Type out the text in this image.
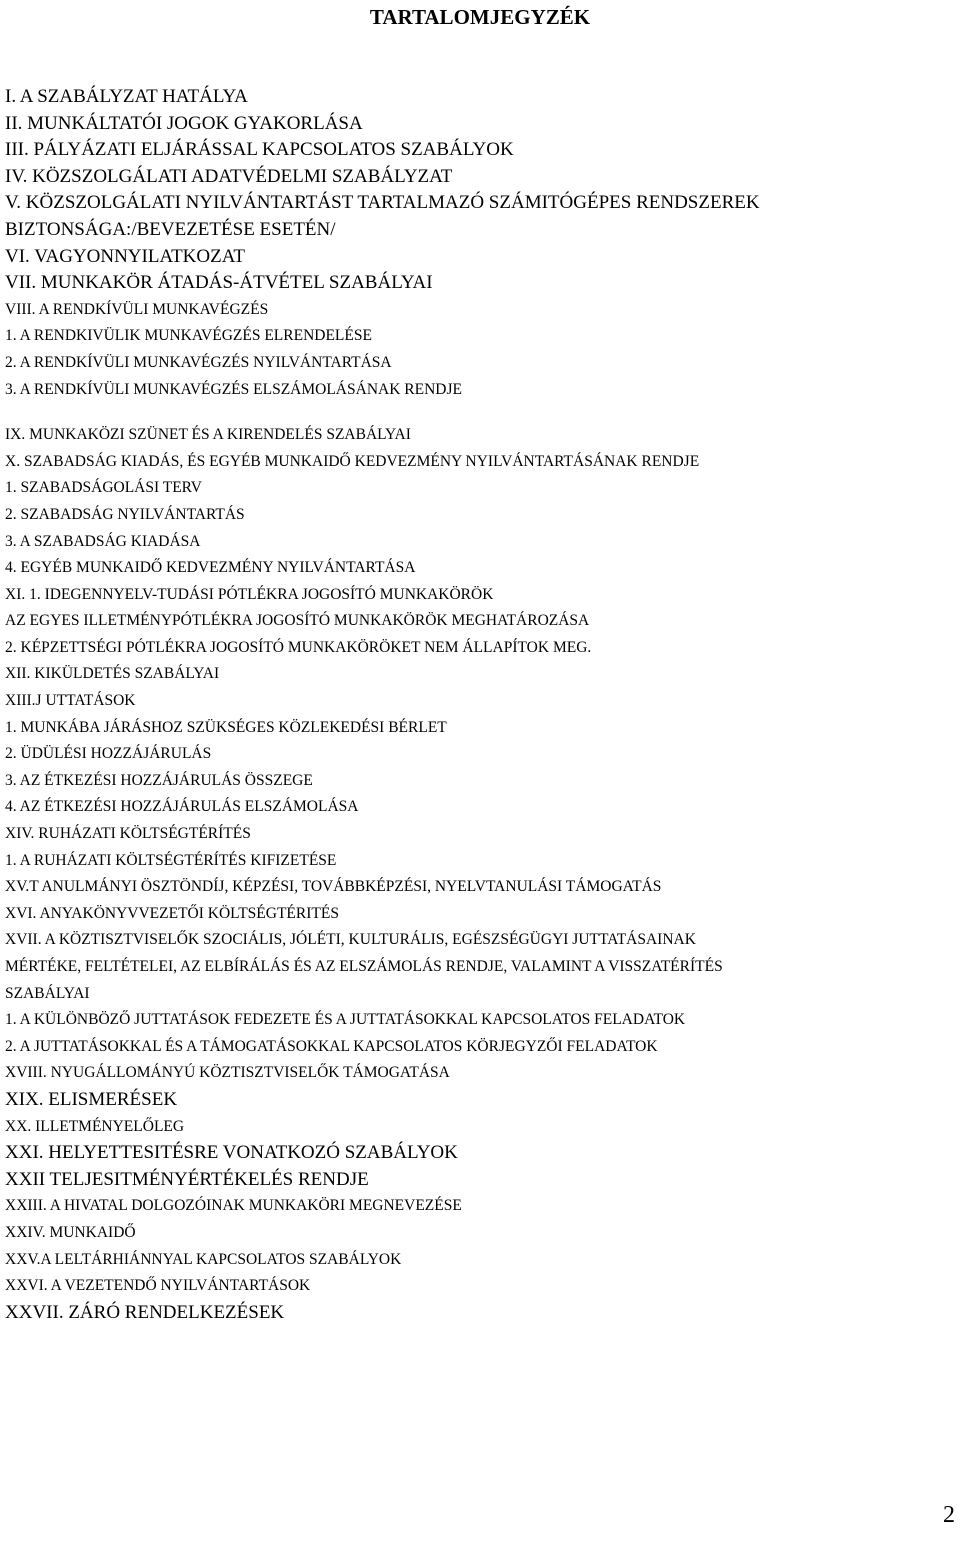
TARTALOMJEGYZÉK
I. A SZABÁLYZAT HATÁLYA
II. MUNKÁLTATÓI JOGOK GYAKORLÁSA
III. PÁLYÁZATI ELJÁRÁSSAL KAPCSOLATOS SZABÁLYOK
IV. KÖZSZOLGÁLATI ADATVÉDELMI SZABÁLYZAT
V. KÖZSZOLGÁLATI NYILVÁNTARTÁST TARTALMAZÓ SZÁMITÓGÉPES RENDSZEREK
BIZTONSÁGA:/BEVEZETÉSE ESETÉN/
VI. VAGYONNYILATKOZAT
VII. MUNKAKÖR ÁTADÁS-ÁTVÉTEL SZABÁLYAI
VIII. A RENDKÍVÜLI MUNKAVÉGZÉS
1. A RENDKIVÜLIK MUNKAVÉGZÉS ELRENDELÉSE
2. A RENDKÍVÜLI MUNKAVÉGZÉS NYILVÁNTARTÁSA
3. A RENDKÍVÜLI MUNKAVÉGZÉS ELSZÁMOLÁSÁNAK RENDJE
IX. MUNKAKÖZI SZÜNET ÉS A KIRENDELÉS SZABÁLYAI
X. SZABADSÁG KIADÁS, ÉS EGYÉB MUNKAIDŐ KEDVEZMÉNY NYILVÁNTARTÁSÁNAK RENDJE
1. SZABADSÁGOLÁSI TERV
2. SZABADSÁG NYILVÁNTARTÁS
3. A SZABADSÁG KIADÁSA
4. EGYÉB MUNKAIDŐ KEDVEZMÉNY NYILVÁNTARTÁSA
XI. 1. IDEGENNYELV-TUDÁSI PÓTLÉKRA JOGOSÍTÓ MUNKAKÖRÖK
AZ EGYES ILLETMÉNYPÓTLÉKRA JOGOSÍTÓ MUNKAKÖRÖK MEGHATÁROZÁSA
2. KÉPZETTSÉGI PÓTLÉKRA JOGOSÍTÓ MUNKAKÖRÖKET NEM ÁLLAPÍTOK MEG.
XII. KIKÜLDETÉS SZABÁLYAI
XIII.J UTTATÁSOK
1. MUNKÁBA JÁRÁSHOZ SZÜKSÉGES KÖZLEKEDÉSI BÉRLET
2. ÜDÜLÉSI HOZZÁJÁRULÁS
3. AZ ÉTKEZÉSI HOZZÁJÁRULÁS ÖSSZEGE
4. AZ ÉTKEZÉSI HOZZÁJÁRULÁS ELSZÁMOLÁSA
XIV. RUHÁZATI KÖLTSÉGTÉRÍTÉS
1. A RUHÁZATI KÖLTSÉGTÉRÍTÉS KIFIZETÉSE
XV.T ANULMÁNYI ÖSZTÖNDÍJ, KÉPZÉSI, TOVÁBBKÉPZÉSI, NYELVTANULÁSI TÁMOGATÁS
XVI. ANYAKÖNYVVEZETŐI KÖLTSÉGTÉRITÉS
XVII. A KÖZTISZTVISELŐK SZOCIÁLIS, JÓLÉTI, KULTURÁLIS, EGÉSZSÉGÜGYI JUTTATÁSAINAK
MÉRTÉKE, FELTÉTELEI, AZ ELBÍRÁLÁS ÉS AZ ELSZÁMOLÁS RENDJE, VALAMINT A VISSZATÉRÍTÉS
SZABÁLYAI
1. A KÜLÖNBÖZŐ JUTTATÁSOK FEDEZETE ÉS A JUTTATÁSOKKAL KAPCSOLATOS FELADATOK
2. A JUTTATÁSOKKAL ÉS A TÁMOGATÁSOKKAL KAPCSOLATOS KÖRJEGYZŐI FELADATOK
XVIII. NYUGÁLLOMÁNYÚ KÖZTISZTVISELŐK TÁMOGATÁSA
XIX. ELISMERÉSEK
XX. ILLETMÉNYELŐLEG
XXI. HELYETTESITÉSRE VONATKOZÓ SZABÁLYOK
XXII TELJESITMÉNYÉRTÉKELÉS RENDJE
XXIII. A HIVATAL DOLGOZÓINAK MUNKAKÖRI MEGNEVEZÉSE
XXIV. MUNKAIDŐ
XXV.A LELTÁRHIÁNNYAL KAPCSOLATOS SZABÁLYOK
XXVI. A VEZETENDŐ NYILVÁNTARTÁSOK
XXVII. ZÁRÓ RENDELKEZÉSEK
2
